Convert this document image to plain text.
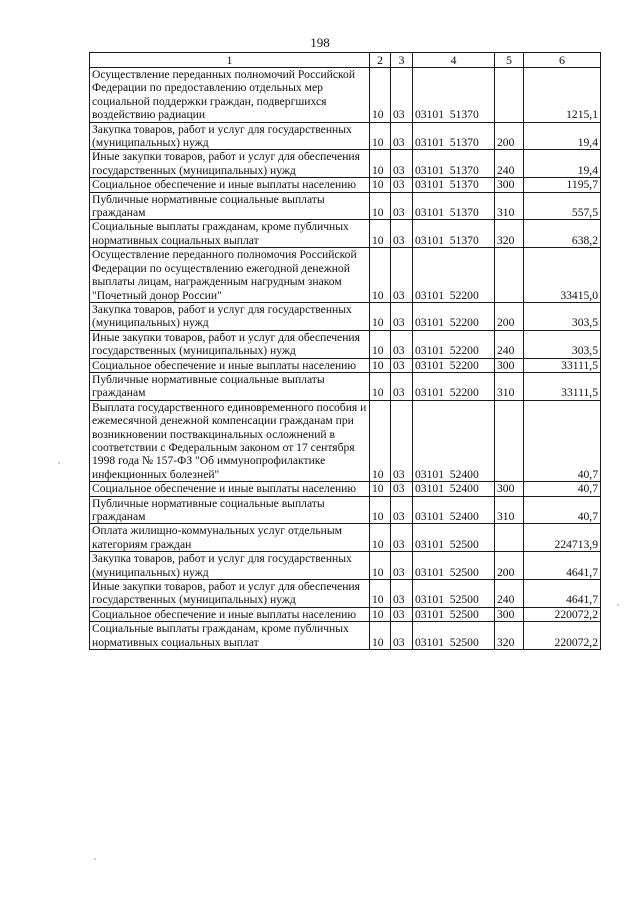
198
1	2	3	4	5	6
Осуществление переданных полномочий Российской Федерации по предоставлению отдельных мер социальной поддержки граждан, подвергшихся воздействию радиации	10	03	03101  51370		1215,1
Закупка товаров, работ и услуг для государственных (муниципальных) нужд	10	03	03101  51370	200	19,4
Иные закупки товаров, работ и услуг для обеспечения государственных (муниципальных) нужд	10	03	03101  51370	240	19,4
Социальное обеспечение и иные выплаты населению	10	03	03101  51370	300	1195,7
Публичные нормативные социальные выплаты гражданам	10	03	03101  51370	310	557,5
Социальные выплаты гражданам, кроме публичных нормативных социальных выплат	10	03	03101  51370	320	638,2
Осуществление переданного полномочия Российской Федерации по осуществлению ежегодной денежной выплаты лицам, награжденным нагрудным знаком "Почетный донор России"	10	03	03101  52200		33415,0
Закупка товаров, работ и услуг для государственных (муниципальных) нужд	10	03	03101  52200	200	303,5
Иные закупки товаров, работ и услуг для обеспечения государственных (муниципальных) нужд	10	03	03101  52200	240	303,5
Социальное обеспечение и иные выплаты населению	10	03	03101  52200	300	33111,5
Публичные нормативные социальные выплаты гражданам	10	03	03101  52200	310	33111,5
Выплата государственного единовременного пособия и ежемесячной денежной компенсации гражданам при возникновении поствакцинальных осложнений в соответствии с Федеральным законом от 17 сентября 1998 года № 157-ФЗ "Об иммунопрофилактике инфекционных болезней"	10	03	03101  52400		40,7
Социальное обеспечение и иные выплаты населению	10	03	03101  52400	300	40,7
Публичные нормативные социальные выплаты гражданам	10	03	03101  52400	310	40,7
Оплата жилищно-коммунальных услуг отдельным категориям граждан	10	03	03101  52500		224713,9
Закупка товаров, работ и услуг для государственных (муниципальных) нужд	10	03	03101  52500	200	4641,7
Иные закупки товаров, работ и услуг для обеспечения государственных (муниципальных) нужд	10	03	03101  52500	240	4641,7
Социальное обеспечение и иные выплаты населению	10	03	03101  52500	300	220072,2
Социальные выплаты гражданам, кроме публичных нормативных социальных выплат	10	03	03101  52500	320	220072,2
